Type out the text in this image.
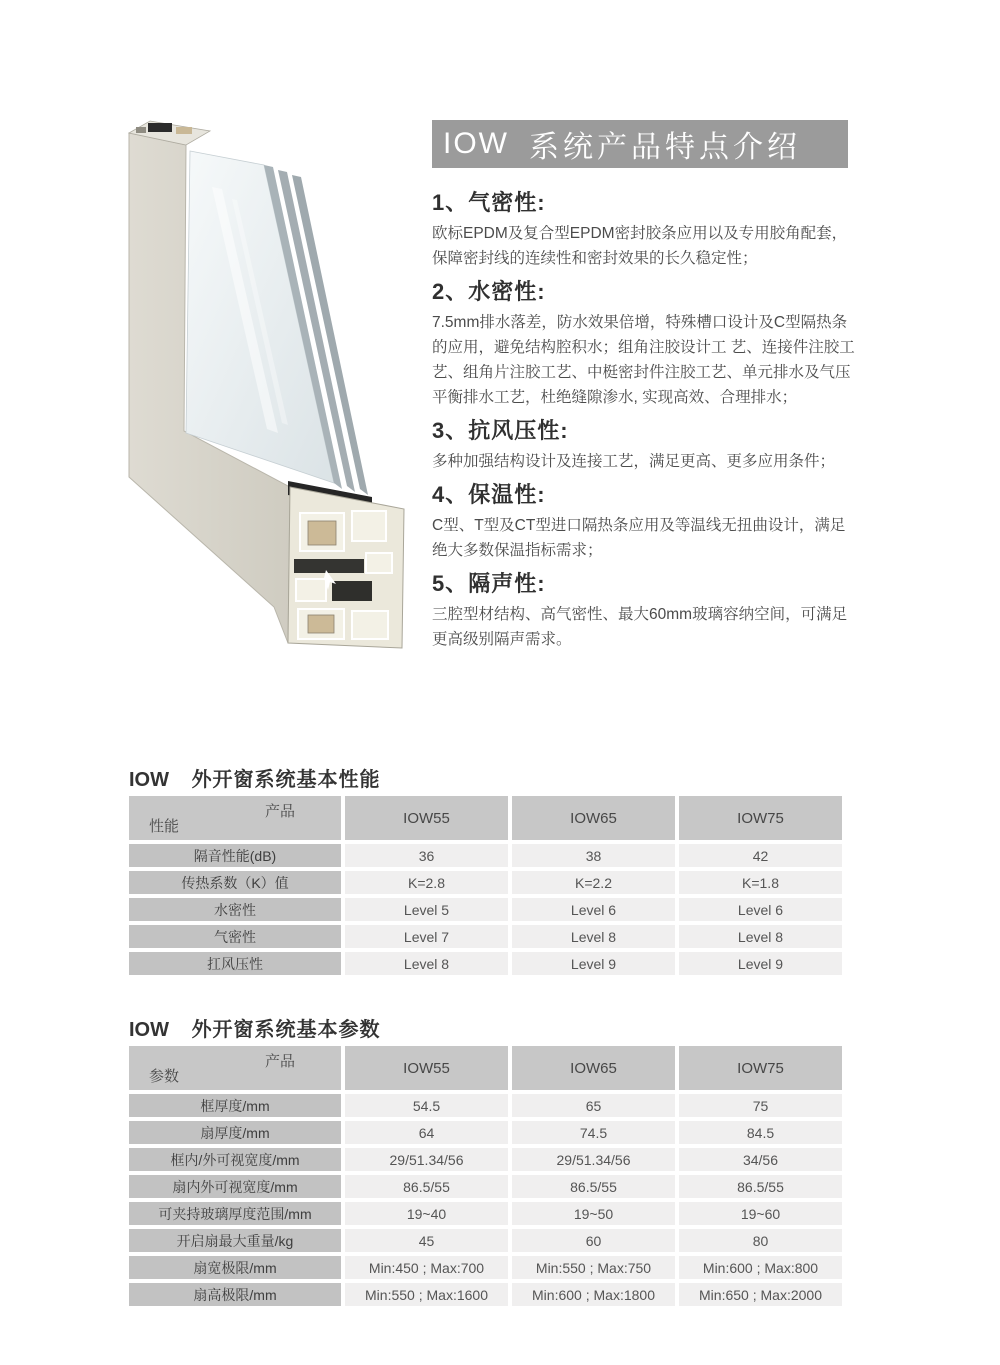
IOW 系统产品特点介绍
1、气密性:

欧标EPDM及复合型EPDM密封胶条应用以及专用胶角配套，保障密封线的连续性和密封效果的长久稳定性；

2、水密性:

7.5mm排水落差，防水效果倍增，特殊槽口设计及C型隔热条的应用，避免结构腔积水；组角注胶设计工 艺、连接件注胶工艺、组角片注胶工艺、中梃密封件注胶工艺、单元排水及气压平衡排水工艺，杜绝缝隙渗水, 实现高效、合理排水；

3、抗风压性:

多种加强结构设计及连接工艺，满足更高、更多应用条件；

4、保温性:

C型、T型及CT型进口隔热条应用及等温线无扭曲设计，满足绝大多数保温指标需求；

5、隔声性:

三腔型材结构、高气密性、最大60mm玻璃容纳空间，可满足更高级别隔声需求。

IOW 外开窗系统基本性能
产品
性能	IOW55	IOW65	IOW75
隔音性能(dB)	36	38	42
传热系数（K）值	K=2.8	K=2.2	K=1.8
水密性	Level 5	Level 6	Level 6
气密性	Level 7	Level 8	Level 8
扛风压性	Level 8	Level 9	Level 9
IOW 外开窗系统基本参数
产品
参数	IOW55	IOW65	IOW75
框厚度/mm	54.5	65	75
扇厚度/mm	64	74.5	84.5
框内/外可视宽度/mm	29/51.34/56	29/51.34/56	34/56
扇内外可视宽度/mm	86.5/55	86.5/55	86.5/55
可夹持玻璃厚度范围/mm	19~40	19~50	19~60
开启扇最大重量/kg	45	60	80
扇宽极限/mm	Min:450 ; Max:700	Min:550 ; Max:750	Min:600 ; Max:800
扇高极限/mm	Min:550 ; Max:1600	Min:600 ; Max:1800	Min:650 ; Max:2000
